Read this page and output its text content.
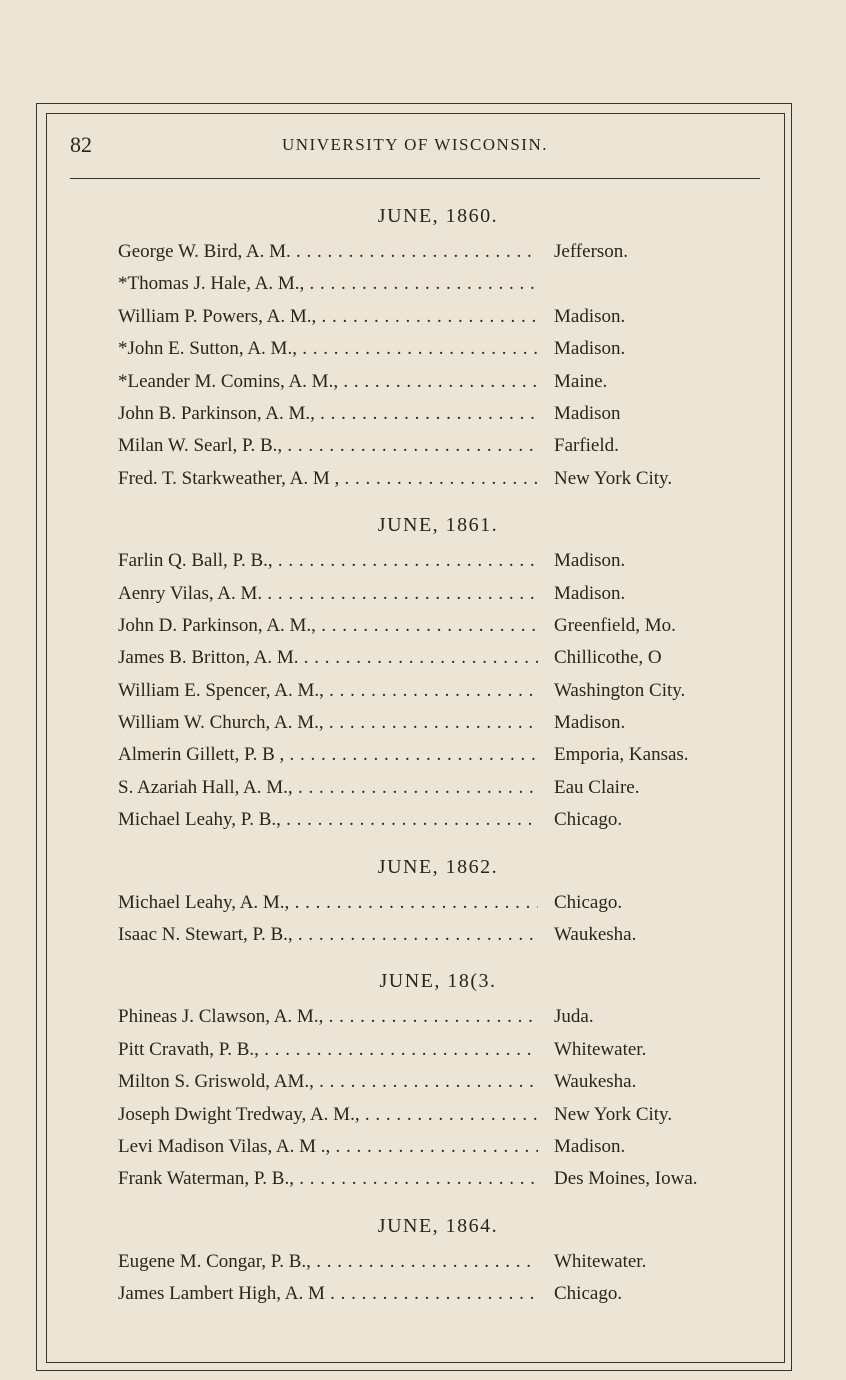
82	UNIVERSITY OF WISCONSIN.
JUNE, 1860.
George W. Bird, A. M. . . .	Jefferson.
*Thomas J. Hale, A. M., . . .
William P. Powers, A. M., . . .	Madison.
*John E. Sutton, A. M., . . .	Madison.
*Leander M. Comins, A. M., . . .	Maine.
John B. Parkinson, A. M., . . .	Madison
Milan W. Searl, P. B., . . .	Farfield.
Fred. T. Starkweather, A. M , . . .	New York City.
JUNE, 1861.
Farlin Q. Ball, P. B., . . .	Madison.
Aenry Vilas, A. M. . . .	Madison.
John D. Parkinson, A. M., . . .	Greenfield, Mo.
James B. Britton, A. M. . . .	Chillicothe, O
William E. Spencer, A. M., . . .	Washington City.
William W. Church, A. M., . . .	Madison.
Almerin Gillett, P. B , . . .	Emporia, Kansas.
S. Azariah Hall, A. M., . . .	Eau Claire.
Michael Leahy, P. B., . . .	Chicago.
JUNE, 1862.
Michael Leahy, A. M., . . .	Chicago.
Isaac N. Stewart, P. B., . . .	Waukesha.
JUNE, 18(3.
Phineas J. Clawson, A. M., . . .	Juda.
Pitt Cravath, P. B., . . .	Whitewater.
Milton S. Griswold, AM., . . .	Waukesha.
Joseph Dwight Tredway, A. M., . . .	New York City.
Levi Madison Vilas, A. M ., . . .	Madison.
Frank Waterman, P. B., . . .	Des Moines, Iowa.
JUNE, 1864.
Eugene M. Congar, P. B., . . .	Whitewater.
James Lambert High, A. M . . .	Chicago.
